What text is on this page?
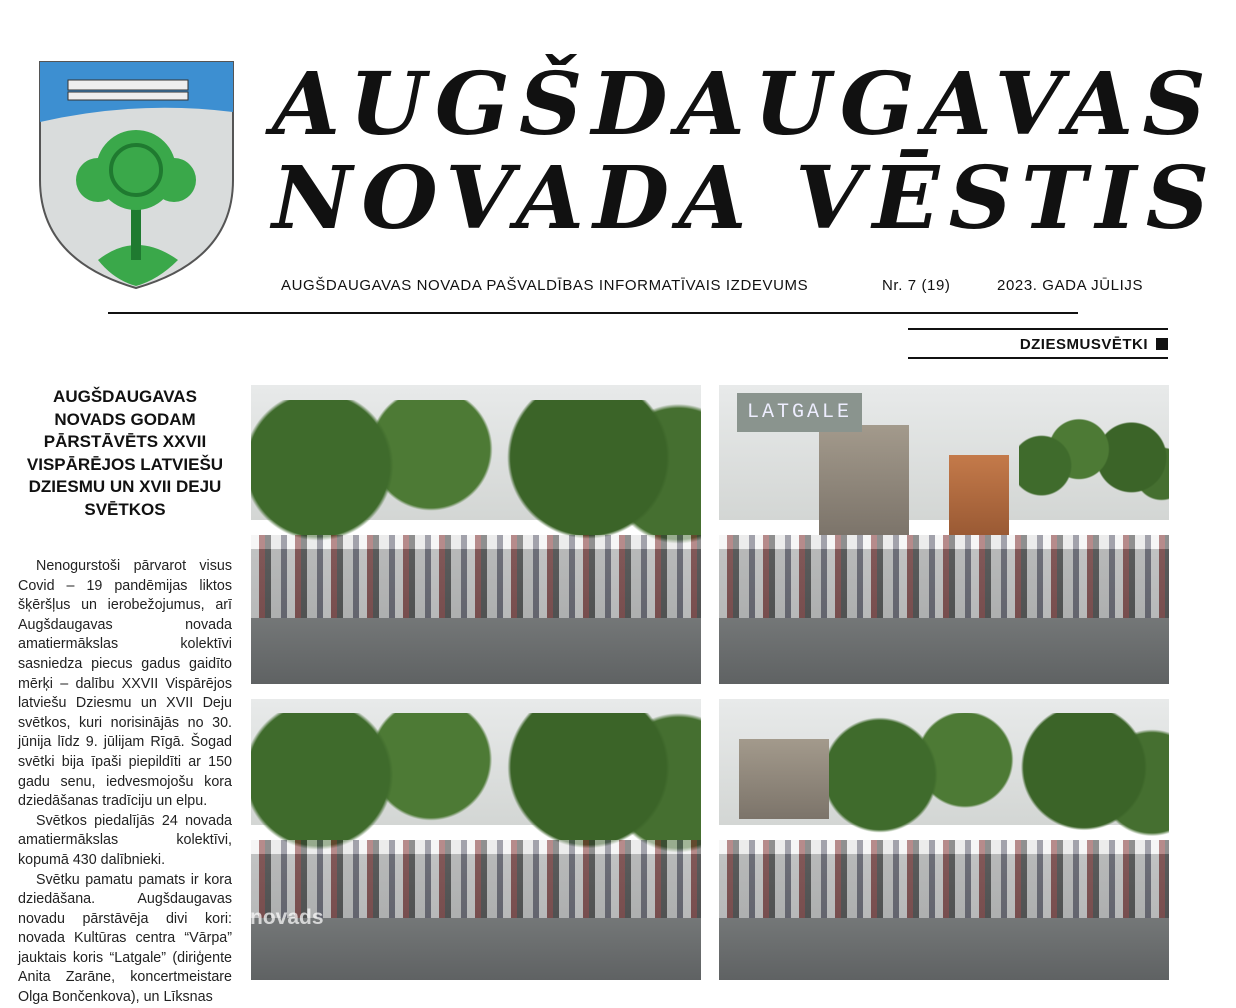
AUGŠDAUGAVAS
NOVADA VĒSTIS
AUGŠDAUGAVAS NOVADA PAŠVALDĪBAS INFORMATĪVAIS IZDEVUMS	Nr. 7 (19)	2023. GADA JŪLIJS
DZIESMUSVĒTKI
AUGŠDAUGAVAS NOVADS GODAM PĀRSTĀVĒTS XXVII VISPĀRĒJOS LATVIEŠU DZIESMU UN XVII DEJU SVĒTKOS

Nenogurstoši pārvarot visus Covid – 19 pandēmijas liktos šķēršļus un ierobežojumus, arī Augšdaugavas novada amatiermākslas kolektīvi sasniedza piecus gadus gaidīto mērķi – dalību XXVII Vispārējos latviešu Dziesmu un XVII Deju svētkos, kuri norisinājās no 30. jūnija līdz 9. jūlijam Rīgā. Šogad svētki bija īpaši piepildīti ar 150 gadu senu, iedvesmojošu kora dziedāšanas tradīciju un elpu.

Svētkos piedalījās 24 novada amatiermākslas kolektīvi, kopumā 430 dalībnieki.

Svētku pamatu pamats ir kora dziedāšana. Augšdaugavas novadu pārstāvēja divi kori: novada Kultūras centra “Vārpa” jauktais koris “Latgale” (diriģente Anita Zarāne, koncertmeistare Olga Bončenkova), un Līksnas

LATGALE
novads
